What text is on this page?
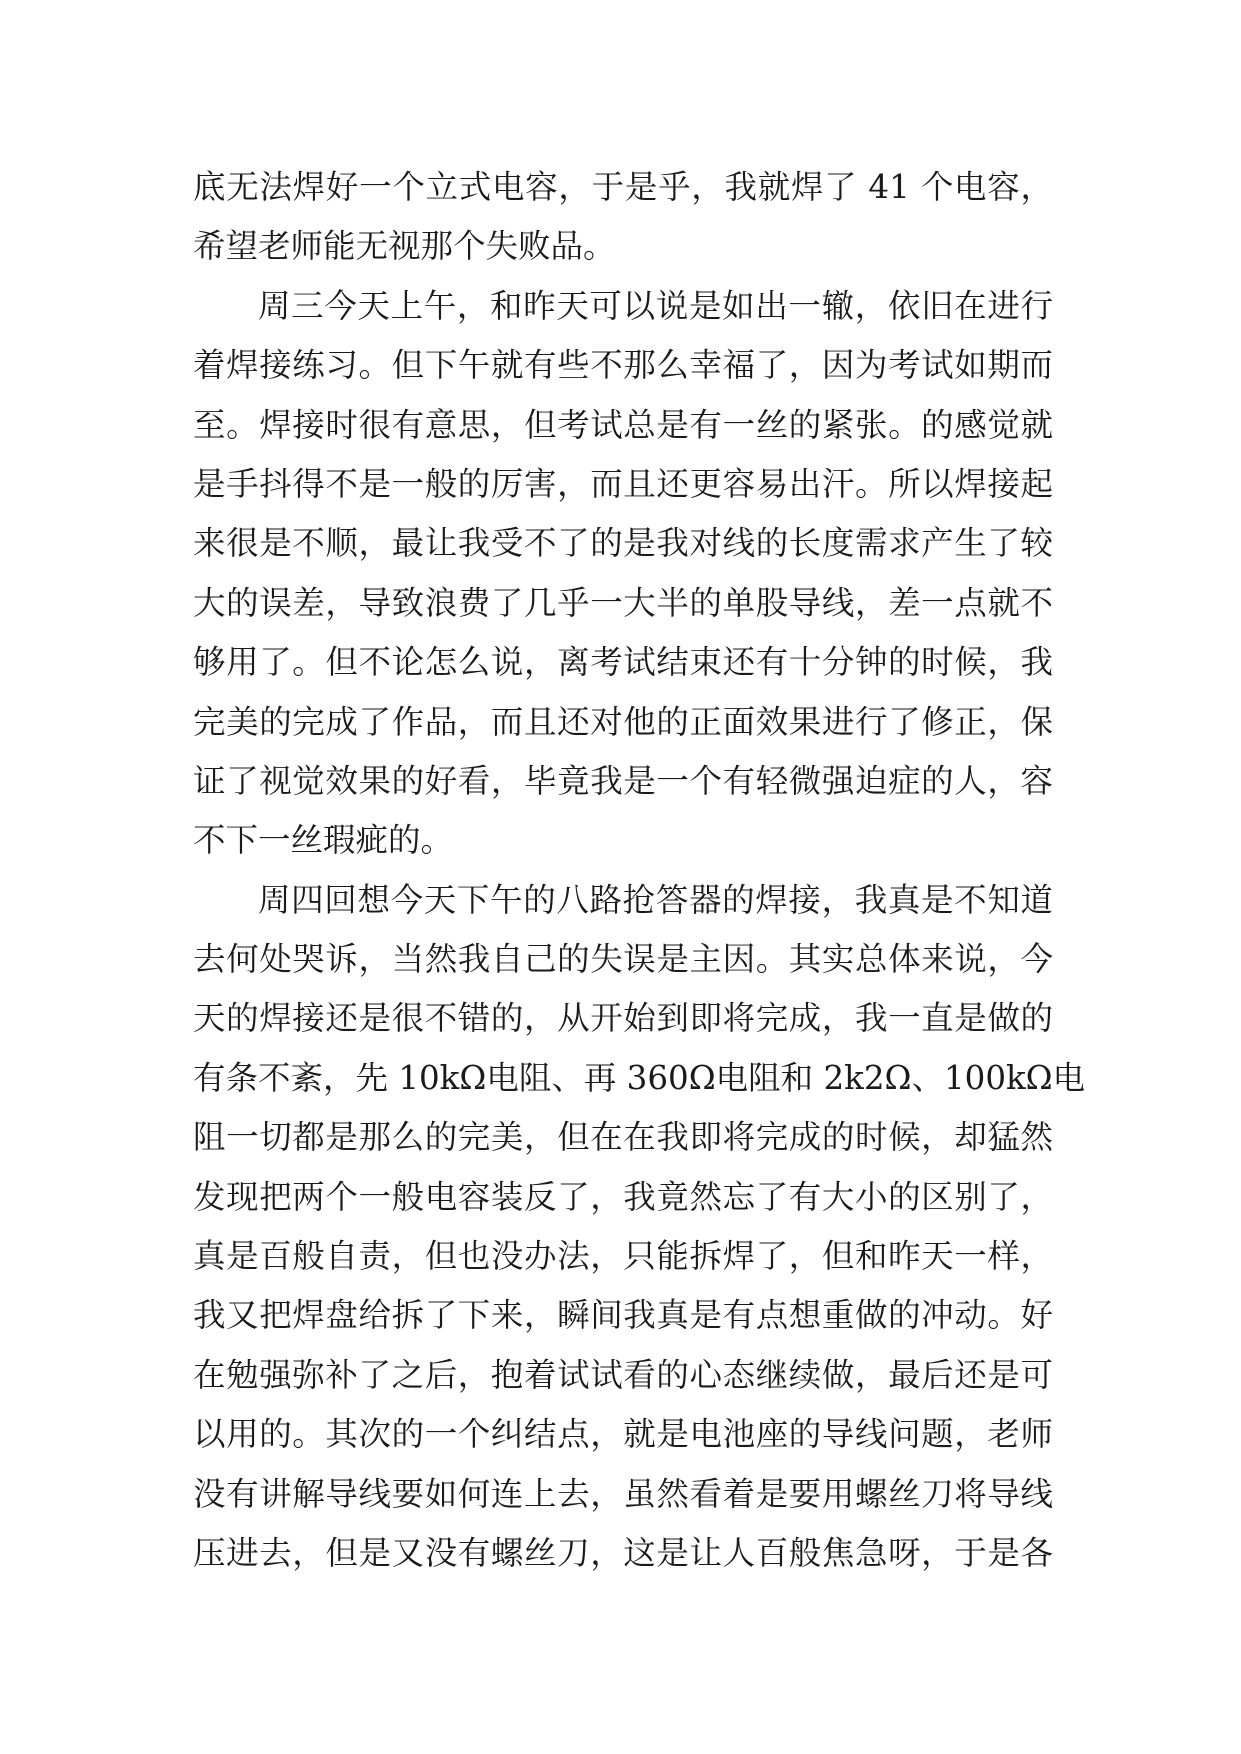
底无法焊好一个立式电容，于是乎，我就焊了 41 个电容，
希望老师能无视那个失败品。
周三今天上午，和昨天可以说是如出一辙，依旧在进行
着焊接练习。但下午就有些不那么幸福了，因为考试如期而
至。焊接时很有意思，但考试总是有一丝的紧张。的感觉就
是手抖得不是一般的厉害，而且还更容易出汗。所以焊接起
来很是不顺，最让我受不了的是我对线的长度需求产生了较
大的误差，导致浪费了几乎一大半的单股导线，差一点就不
够用了。但不论怎么说，离考试结束还有十分钟的时候，我
完美的完成了作品，而且还对他的正面效果进行了修正，保
证了视觉效果的好看，毕竟我是一个有轻微强迫症的人，容
不下一丝瑕疵的。
周四回想今天下午的八路抢答器的焊接，我真是不知道
去何处哭诉，当然我自己的失误是主因。其实总体来说，今
天的焊接还是很不错的，从开始到即将完成，我一直是做的
有条不紊，先 10kΩ电阻、再 360Ω电阻和 2k2Ω、100kΩ电
阻一切都是那么的完美，但在在我即将完成的时候，却猛然
发现把两个一般电容装反了，我竟然忘了有大小的区别了，
真是百般自责，但也没办法，只能拆焊了，但和昨天一样，
我又把焊盘给拆了下来，瞬间我真是有点想重做的冲动。好
在勉强弥补了之后，抱着试试看的心态继续做，最后还是可
以用的。其次的一个纠结点，就是电池座的导线问题，老师
没有讲解导线要如何连上去，虽然看着是要用螺丝刀将导线
压进去，但是又没有螺丝刀，这是让人百般焦急呀，于是各
